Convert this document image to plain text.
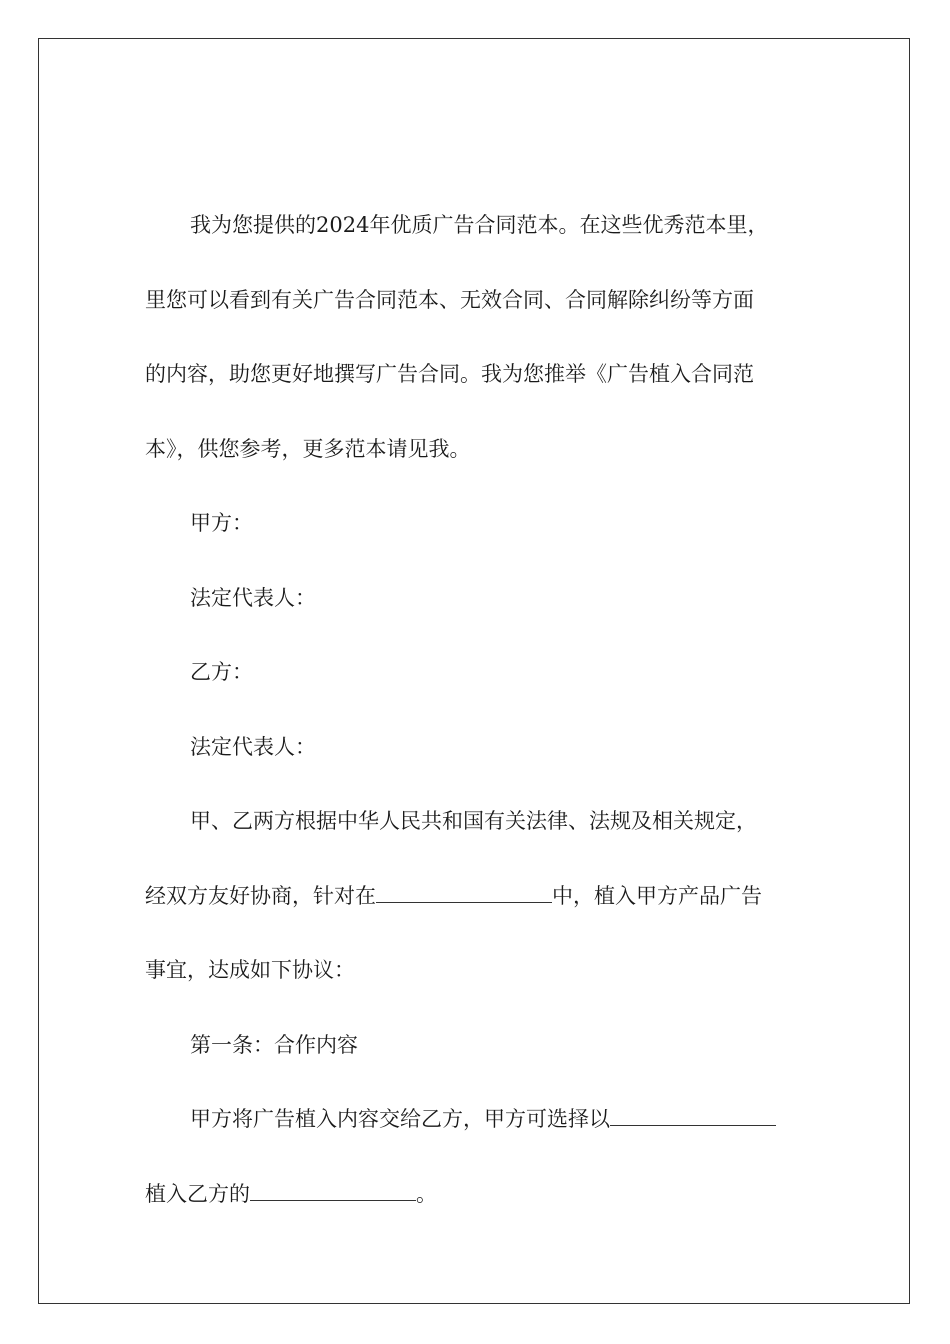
我为您提供的2024年优质广告合同范本。在这些优秀范本里，
里您可以看到有关广告合同范本、无效合同、合同解除纠纷等方面
的内容，助您更好地撰写广告合同。我为您推举《广告植入合同范
本》，供您参考，更多范本请见我。
甲方：
法定代表人：
乙方：
法定代表人：
甲、乙两方根据中华人民共和国有关法律、法规及相关规定，
经双方友好协商，针对在	中，植入甲方产品广告
事宜，达成如下协议：
第一条：合作内容
甲方将广告植入内容交给乙方，甲方可选择以
植入乙方的	。
